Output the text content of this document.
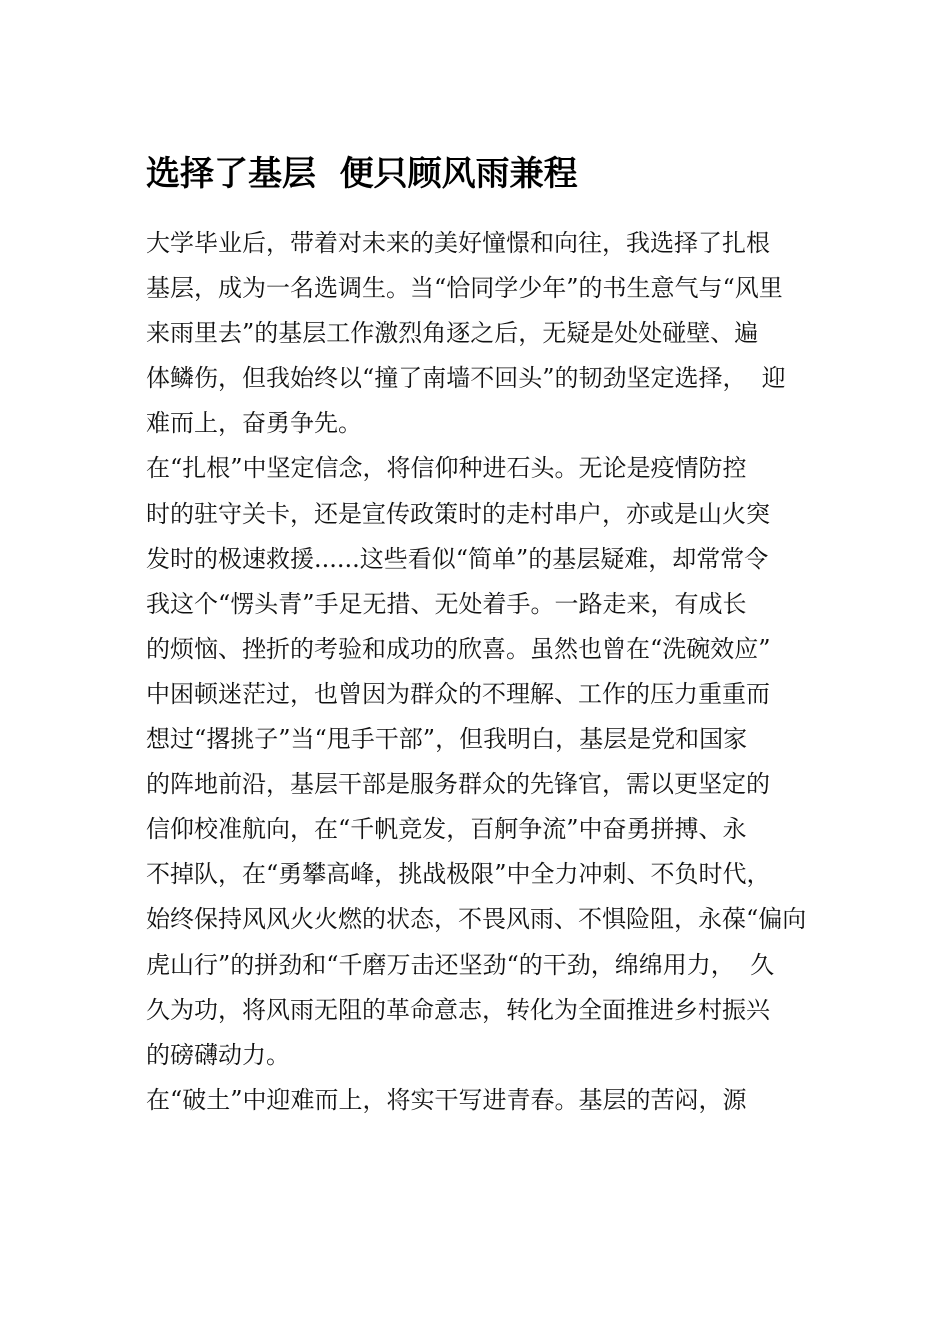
选择了基层  便只顾风雨兼程
大学毕业后，带着对未来的美好憧憬和向往，我选择了扎根
基层，成为一名选调生。当“恰同学少年”的书生意气与“风里
来雨里去”的基层工作激烈角逐之后，无疑是处处碰壁、遍
体鳞伤，但我始终以“撞了南墙不回头”的韧劲坚定选择，  迎
难而上，奋勇争先。
在“扎根”中坚定信念，将信仰种进石头。无论是疫情防控
时的驻守关卡，还是宣传政策时的走村串户，亦或是山火突
发时的极速救援......这些看似“简单”的基层疑难，却常常令
我这个“愣头青”手足无措、无处着手。一路走来，有成长
的烦恼、挫折的考验和成功的欣喜。虽然也曾在“洗碗效应”
中困顿迷茫过，也曾因为群众的不理解、工作的压力重重而
想过“撂挑子”当“甩手干部”，但我明白，基层是党和国家
的阵地前沿，基层干部是服务群众的先锋官，需以更坚定的
信仰校准航向，在“千帆竞发，百舸争流”中奋勇拼搏、永
不掉队，在“勇攀高峰，挑战极限”中全力冲刺、不负时代，
始终保持风风火火燃的状态，不畏风雨、不惧险阻，永葆“偏向
虎山行”的拼劲和“千磨万击还坚劲“的干劲，绵绵用力，  久
久为功，将风雨无阻的革命意志，转化为全面推进乡村振兴
的磅礴动力。
在“破土”中迎难而上，将实干写进青春。基层的苦闷，源
